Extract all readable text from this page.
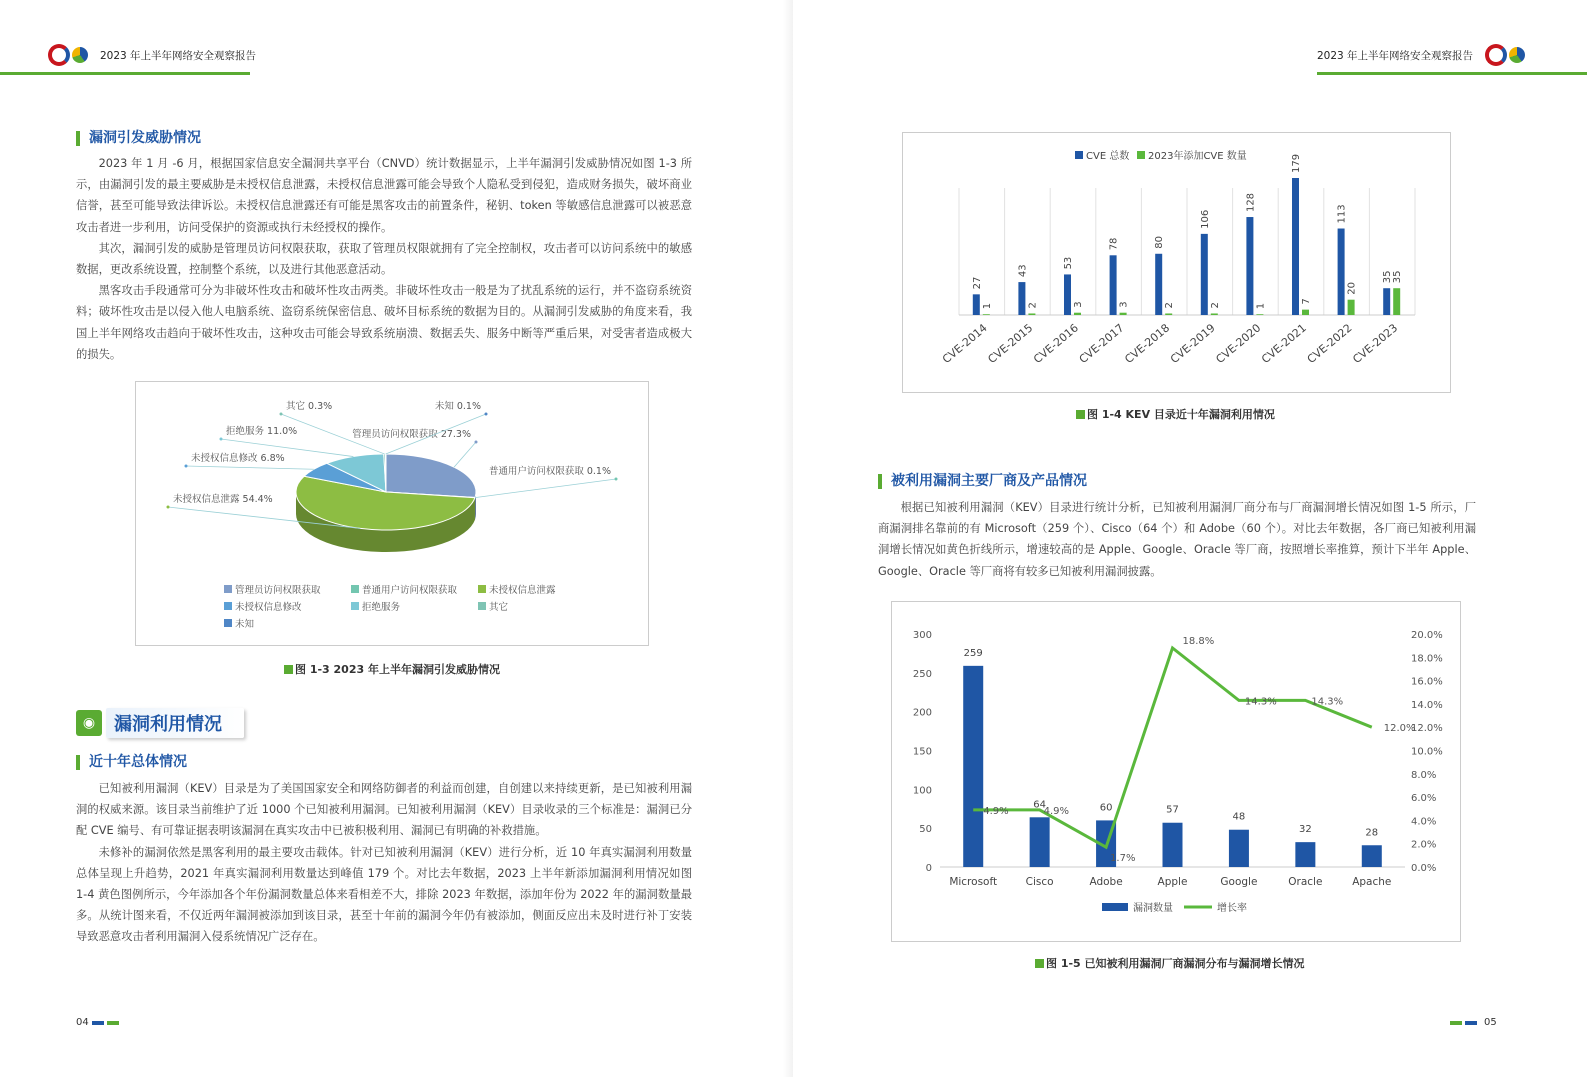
2023 年上半年网络安全观察报告
漏洞引发威胁情况

2023 年 1 月 -6 月，根据国家信息安全漏洞共享平台（CNVD）统计数据显示，上半年漏洞引发威胁情况如图 1-3 所示，由漏洞引发的最主要威胁是未授权信息泄露，未授权信息泄露可能会导致个人隐私受到侵犯，造成财务损失，破坏商业信誉，甚至可能导致法律诉讼。未授权信息泄露还有可能是黑客攻击的前置条件，秘钥、token 等敏感信息泄露可以被恶意攻击者进一步利用，访问受保护的资源或执行未经授权的操作。

其次，漏洞引发的威胁是管理员访问权限获取，获取了管理员权限就拥有了完全控制权，攻击者可以访问系统中的敏感数据，更改系统设置，控制整个系统，以及进行其他恶意活动。

黑客攻击手段通常可分为非破坏性攻击和破坏性攻击两类。非破坏性攻击一般是为了扰乱系统的运行，并不盗窃系统资料；破坏性攻击是以侵入他人电脑系统、盗窃系统保密信息、破坏目标系统的数据为目的。从漏洞引发威胁的角度来看，我国上半年网络攻击趋向于破坏性攻击，这种攻击可能会导致系统崩溃、数据丢失、服务中断等严重后果，对受害者造成极大的损失。

管理员访问权限获取 27.3%
普通用户访问权限获取 0.1%
未授权信息泄露 54.4%
未授权信息修改 6.8%
拒绝服务 11.0%
其它 0.3%	未知 0.1%
管理员访问权限获取	普通用户访问权限获取	未授权信息泄露
未授权信息修改	拒绝服务	其它
未知
图 1-3 2023 年上半年漏洞引发威胁情况
◉	漏洞利用情况
近十年总体情况

已知被利用漏洞（KEV）目录是为了美国国家安全和网络防御者的利益而创建，自创建以来持续更新，是已知被利用漏洞的权威来源。该目录当前维护了近 1000 个已知被利用漏洞。已知被利用漏洞（KEV）目录收录的三个标准是：漏洞已分配 CVE 编号、有可靠证据表明该漏洞在真实攻击中已被积极利用、漏洞已有明确的补救措施。

未修补的漏洞依然是黑客利用的最主要攻击载体。针对已知被利用漏洞（KEV）进行分析，近 10 年真实漏洞利用数量总体呈现上升趋势，2021 年真实漏洞利用数量达到峰值 179 个。对比去年数据，2023 上半年新添加漏洞利用情况如图 1-4 黄色图例所示，今年添加各个年份漏洞数量总体来看相差不大，排除 2023 年数据，添加年份为 2022 年的漏洞数量最多。从统计图来看，不仅近两年漏洞被添加到该目录，甚至十年前的漏洞今年仍有被添加，侧面反应出未及时进行补丁安装导致恶意攻击者利用漏洞入侵系统情况广泛存在。

04
2023 年上半年网络安全观察报告
CVE 总数 2023年添加CVE 数量
27
1
CVE-2014
43
2
CVE-2015
53
3
CVE-2016
78
3
CVE-2017
80
2
CVE-2018
106
2
CVE-2019
128
1
CVE-2020
179
7
CVE-2021
113
20
CVE-2022
35 35
CVE-2023
图 1-4 KEV 目录近十年漏洞利用情况
被利用漏洞主要厂商及产品情况

根据已知被利用漏洞（KEV）目录进行统计分析，已知被利用漏洞厂商分布与厂商漏洞增长情况如图 1-5 所示，厂商漏洞排名靠前的有 Microsoft（259 个）、Cisco（64 个）和 Adobe（60 个）。对比去年数据，各厂商已知被利用漏洞增长情况如黄色折线所示，增速较高的是 Apple、Google、Oracle 等厂商，按照增长率推算，预计下半年 Apple、Google、Oracle 等厂商将有较多已知被利用漏洞披露。

0
50
100
150
200
250
300
0.0%
2.0%
4.0%
6.0%
8.0%
10.0%
12.0%
14.0%
16.0%
18.0%
20.0%
259
Microsoft
64
Cisco
60
Adobe
57
Apple
48
Google
32
Oracle
28
Apache
4.9%	4.9%
1.7%
18.8%
14.3%	14.3%
12.0%
漏洞数量	增长率
图 1-5 已知被利用漏洞厂商漏洞分布与漏洞增长情况
05
